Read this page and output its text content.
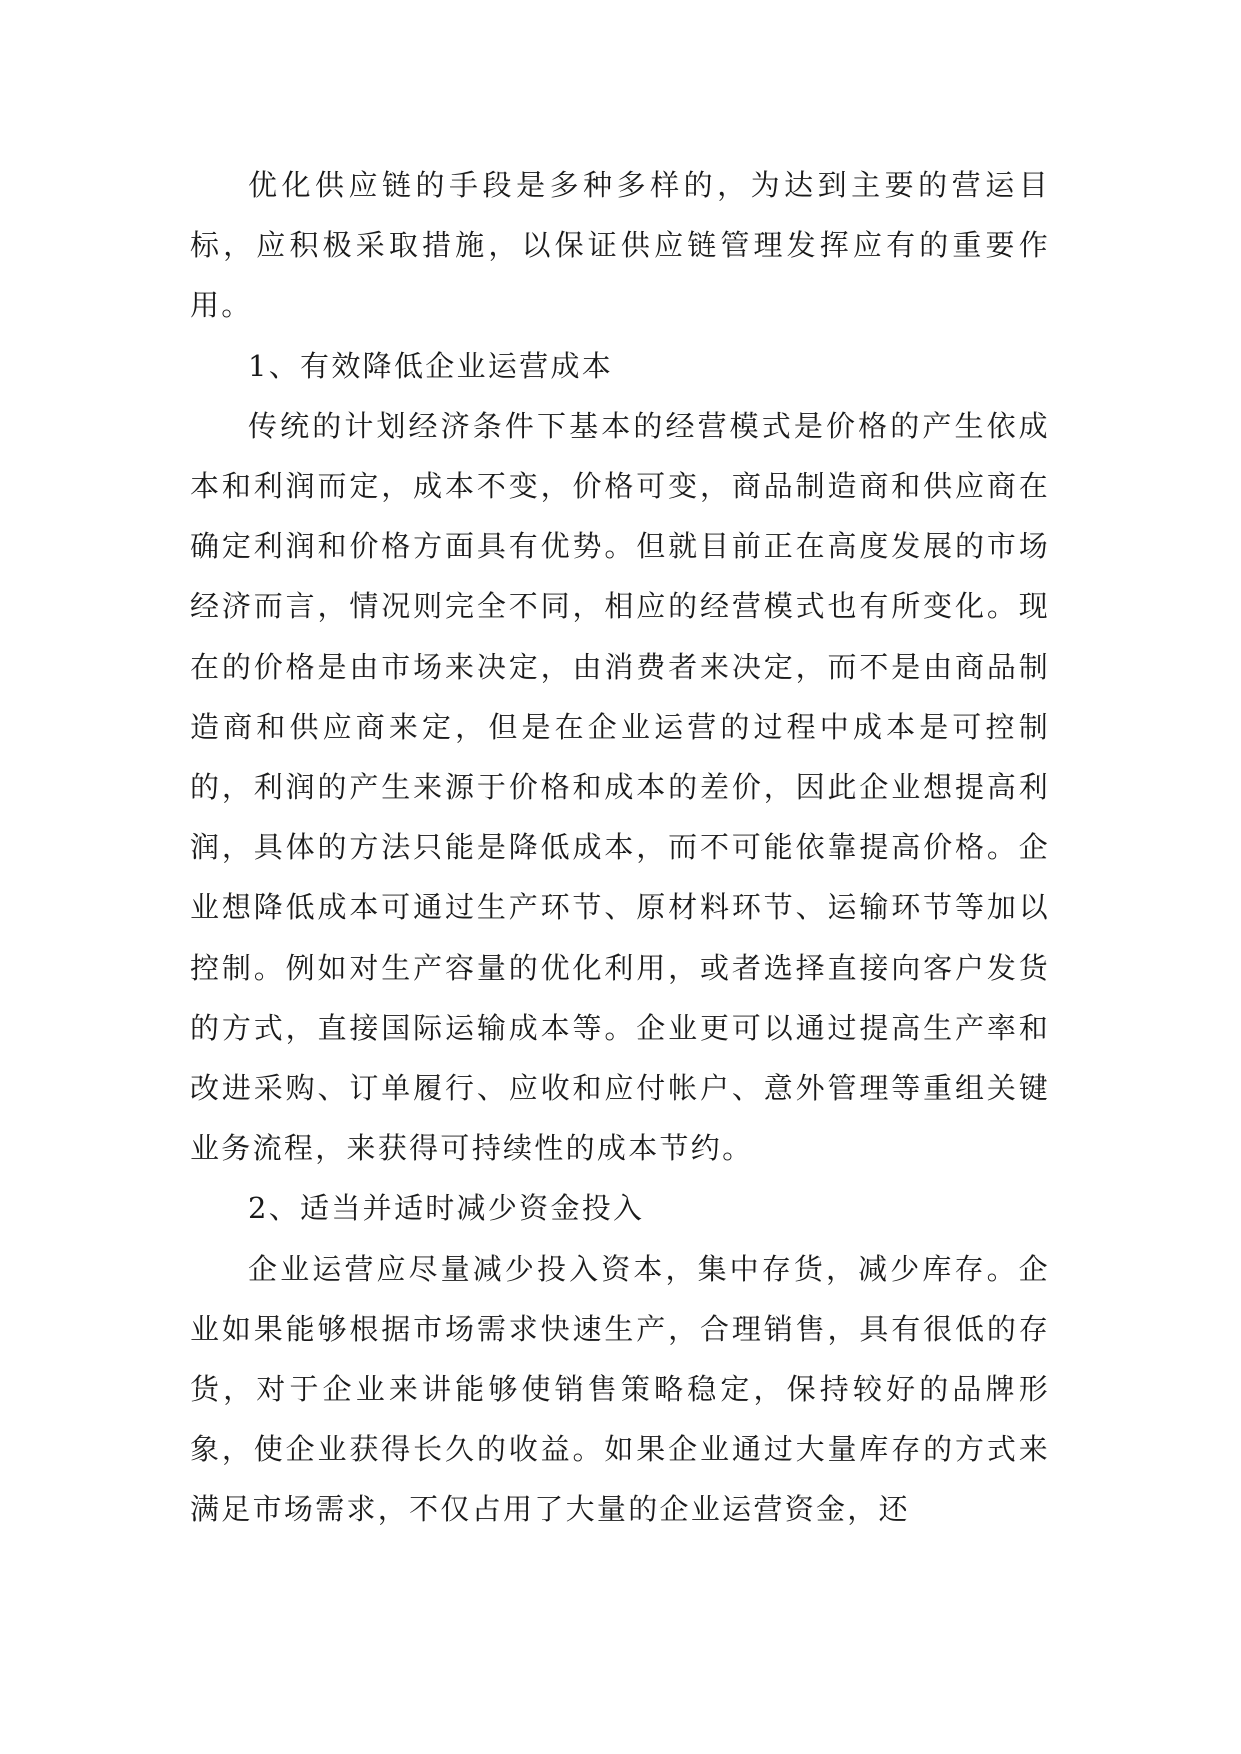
优化供应链的手段是多种多样的，为达到主要的营运目标，应积极采取措施，以保证供应链管理发挥应有的重要作用。

1、有效降低企业运营成本

传统的计划经济条件下基本的经营模式是价格的产生依成本和利润而定，成本不变，价格可变，商品制造商和供应商在确定利润和价格方面具有优势。但就目前正在高度发展的市场经济而言，情况则完全不同，相应的经营模式也有所变化。现在的价格是由市场来决定，由消费者来决定，而不是由商品制造商和供应商来定，但是在企业运营的过程中成本是可控制的，利润的产生来源于价格和成本的差价，因此企业想提高利润，具体的方法只能是降低成本，而不可能依靠提高价格。企业想降低成本可通过生产环节、原材料环节、运输环节等加以控制。例如对生产容量的优化利用，或者选择直接向客户发货的方式，直接国际运输成本等。企业更可以通过提高生产率和改进采购、订单履行、应收和应付帐户、意外管理等重组关键业务流程，来获得可持续性的成本节约。

2、适当并适时减少资金投入

企业运营应尽量减少投入资本，集中存货，减少库存。企业如果能够根据市场需求快速生产，合理销售，具有很低的存货，对于企业来讲能够使销售策略稳定，保持较好的品牌形象，使企业获得长久的收益。如果企业通过大量库存的方式来满足市场需求，不仅占用了大量的企业运营资金，还
